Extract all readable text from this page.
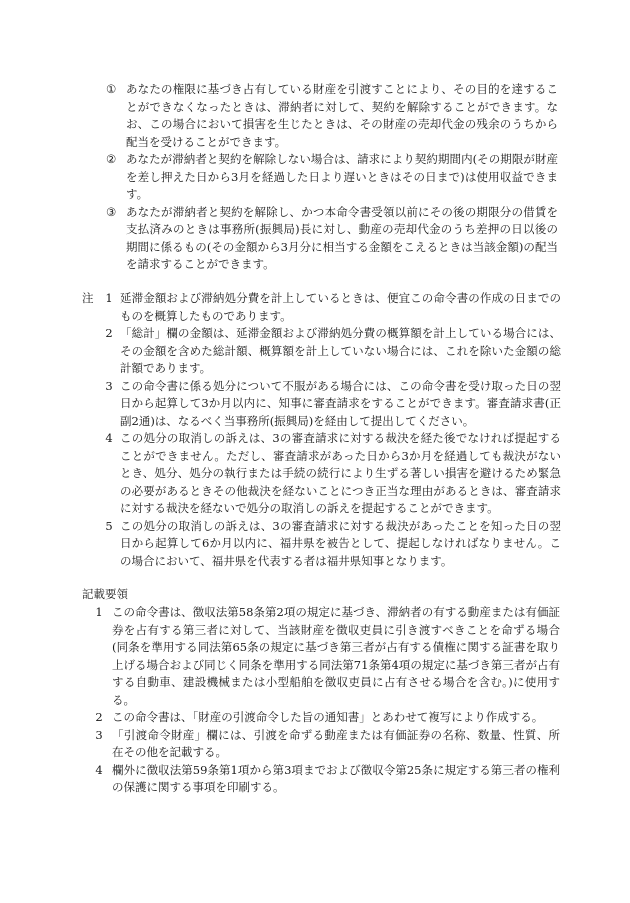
① あなたの権限に基づき占有している財産を引渡すことにより、その目的を達することができなくなったときは、滞納者に対して、契約を解除することができます。なお、この場合において損害を生じたときは、その財産の売却代金の残余のうちから配当を受けることができます。
② あなたが滞納者と契約を解除しない場合は、請求により契約期間内(その期限が財産を差し押えた日から3月を経過した日より遅いときはその日まで)は使用収益できます。
③ あなたが滞納者と契約を解除し、かつ本命令書受領以前にその後の期限分の借賃を支払済みのときは事務所(振興局)長に対し、動産の売却代金のうち差押の日以後の期間に係るもの(その金額から3月分に相当する金額をこえるときは当該金額)の配当を請求することができます。
注	1 延滞金額および滞納処分費を計上しているときは、便宜この命令書の作成の日までのものを概算したものであります。
2 「総計」欄の金額は、延滞金額および滞納処分費の概算額を計上している場合には、その金額を含めた総計額、概算額を計上していない場合には、これを除いた金額の総計額であります。
3 この命令書に係る処分について不服がある場合には、この命令書を受け取った日の翌日から起算して3か月以内に、知事に審査請求をすることができます。審査請求書(正副2通)は、なるべく当事務所(振興局)を経由して提出してください。
4 この処分の取消しの訴えは、3の審査請求に対する裁決を経た後でなければ提起することができません。ただし、審査請求があった日から3か月を経過しても裁決がないとき、処分、処分の執行または手続の続行により生ずる著しい損害を避けるため緊急の必要があるときその他裁決を経ないことにつき正当な理由があるときは、審査請求に対する裁決を経ないで処分の取消しの訴えを提起することができます。
5 この処分の取消しの訴えは、3の審査請求に対する裁決があったことを知った日の翌日から起算して6か月以内に、福井県を被告として、提起しなければなりません。この場合において、福井県を代表する者は福井県知事となります。
記載要領
1 この命令書は、徴収法第58条第2項の規定に基づき、滞納者の有する動産または有価証券を占有する第三者に対して、当該財産を徴収吏員に引き渡すべきことを命ずる場合(同条を準用する同法第65条の規定に基づき第三者が占有する債権に関する証書を取り上げる場合および同じく同条を準用する同法第71条第4項の規定に基づき第三者が占有する自動車、建設機械または小型船舶を徴収吏員に占有させる場合を含む。)に使用する。
2 この命令書は、「財産の引渡命令した旨の通知書」とあわせて複写により作成する。
3 「引渡命令財産」欄には、引渡を命ずる動産または有価証券の名称、数量、性質、所在その他を記載する。
4 欄外に徴収法第59条第1項から第3項までおよび徴収令第25条に規定する第三者の権利の保護に関する事項を印刷する。
